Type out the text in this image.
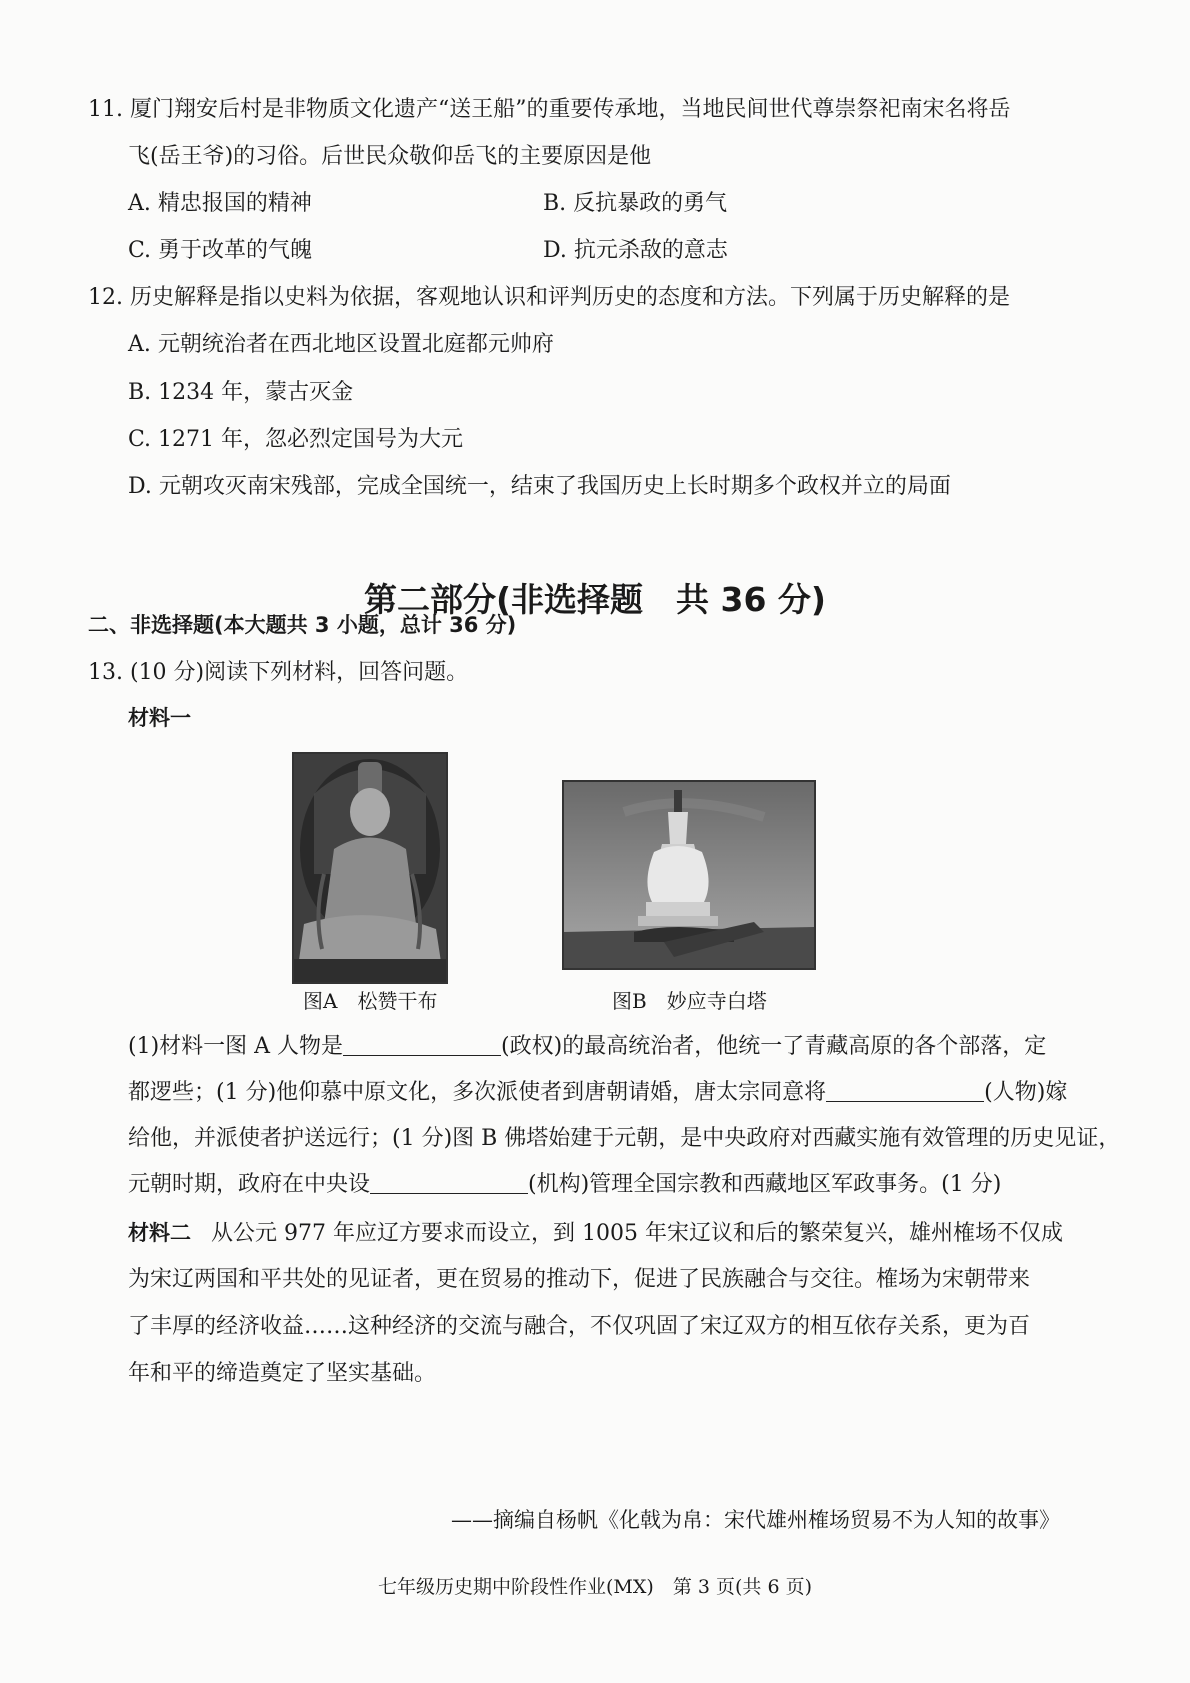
11. 厦门翔安后村是非物质文化遗产“送王船”的重要传承地，当地民间世代尊崇祭祀南宋名将岳
飞(岳王爷)的习俗。后世民众敬仰岳飞的主要原因是他
A. 精忠报国的精神	B. 反抗暴政的勇气
C. 勇于改革的气魄	D. 抗元杀敌的意志
12. 历史解释是指以史料为依据，客观地认识和评判历史的态度和方法。下列属于历史解释的是
A. 元朝统治者在西北地区设置北庭都元帅府
B. 1234 年，蒙古灭金
C. 1271 年，忽必烈定国号为大元
D. 元朝攻灭南宋残部，完成全国统一，结束了我国历史上长时期多个政权并立的局面
第二部分(非选择题　共 36 分)
二、非选择题(本大题共 3 小题，总计 36 分)
13. (10 分)阅读下列材料，回答问题。
材料一
图A　松赞干布	图B　妙应寺白塔
(1)材料一图 A 人物是	(政权)的最高统治者，他统一了青藏高原的各个部落，定
都逻些；(1 分)他仰慕中原文化，多次派使者到唐朝请婚，唐太宗同意将	(人物)嫁
给他，并派使者护送远行；(1 分)图 B 佛塔始建于元朝，是中央政府对西藏实施有效管理的历史见证，
元朝时期，政府在中央设	(机构)管理全国宗教和西藏地区军政事务。(1 分)
材料二 从公元 977 年应辽方要求而设立，到 1005 年宋辽议和后的繁荣复兴，雄州榷场不仅成
为宋辽两国和平共处的见证者，更在贸易的推动下，促进了民族融合与交往。榷场为宋朝带来
了丰厚的经济收益……这种经济的交流与融合，不仅巩固了宋辽双方的相互依存关系，更为百
年和平的缔造奠定了坚实基础。
——摘编自杨帆《化戟为帛：宋代雄州榷场贸易不为人知的故事》
七年级历史期中阶段性作业(MX)　第 3 页(共 6 页)
